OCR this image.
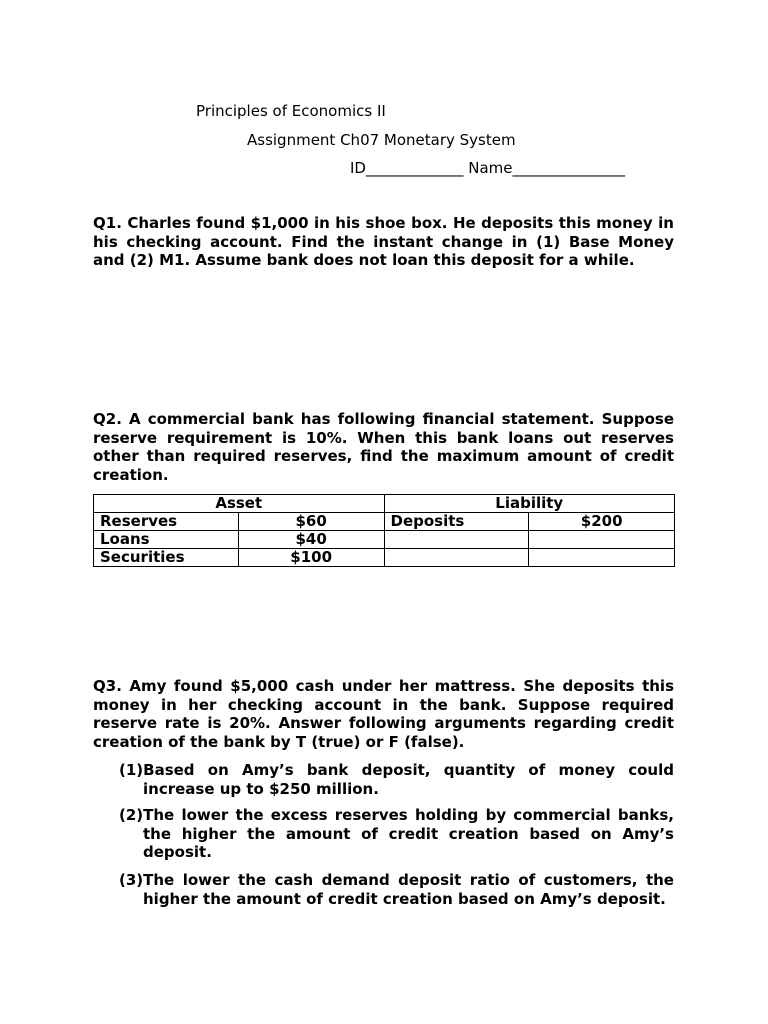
Principles of Economics II
Assignment Ch07 Monetary System
ID_____________ Name_______________
Q1. Charles found $1,000 in his shoe box. He deposits this money in his checking account. Find the instant change in (1) Base Money and (2) M1. Assume bank does not loan this deposit for a while.
Q2. A commercial bank has following financial statement. Suppose reserve requirement is 10%. When this bank loans out reserves other than required reserves, find the maximum amount of credit creation.
Asset		Liability	
Reserves	$60	Deposits	$200
Loans	$40		
Securities	$100		
Q3. Amy found $5,000 cash under her mattress. She deposits this money in her checking account in the bank. Suppose required reserve rate is 20%. Answer following arguments regarding credit creation of the bank by T (true) or F (false).
(1)Based on Amy’s bank deposit, quantity of money could increase up to $250 million.
(2)The lower the excess reserves holding by commercial banks, the higher the amount of credit creation based on Amy’s deposit.
(3)The lower the cash demand deposit ratio of customers, the higher the amount of credit creation based on Amy’s deposit.
